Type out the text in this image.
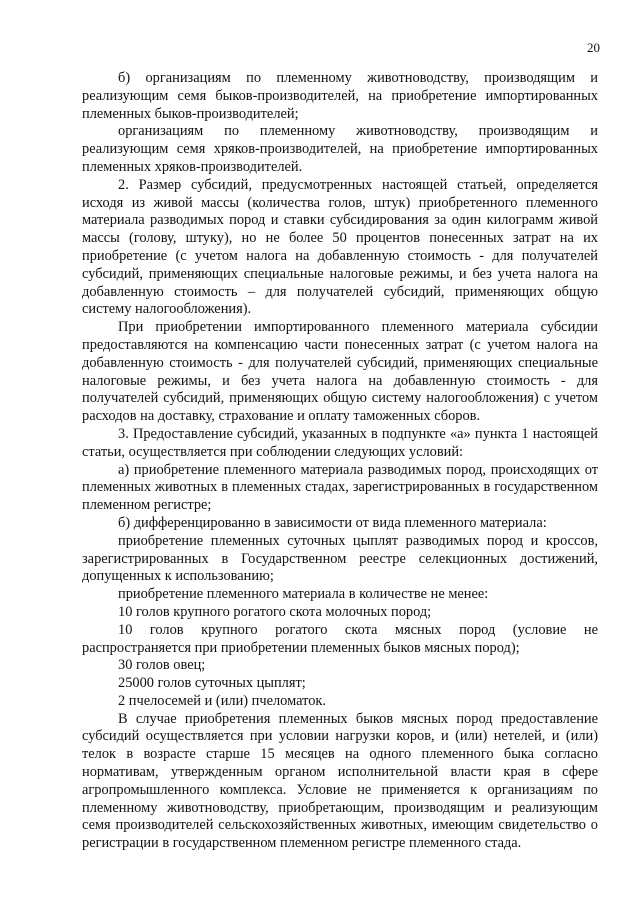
20

б) организациям по племенному животноводству, производящим и реализующим семя быков-производителей, на приобретение импортированных племенных быков-производителей;

организациям по племенному животноводству, производящим и реализующим семя хряков-производителей, на приобретение импортированных племенных хряков-производителей.

2. Размер субсидий, предусмотренных настоящей статьей, определяется исходя из живой массы (количества голов, штук) приобретенного племенного материала разводимых пород и ставки субсидирования за один килограмм живой массы (голову, штуку), но не более 50 процентов понесенных затрат на их приобретение (с учетом налога на добавленную стоимость - для получателей субсидий, применяющих специальные налоговые режимы, и без учета налога на добавленную стоимость – для получателей субсидий, применяющих общую систему налогообложения).

При приобретении импортированного племенного материала субсидии предоставляются на компенсацию части понесенных затрат (с учетом налога на добавленную стоимость - для получателей субсидий, применяющих специальные налоговые режимы, и без учета налога на добавленную стоимость - для получателей субсидий, применяющих общую систему налогообложения) с учетом расходов на доставку, страхование и оплату таможенных сборов.

3. Предоставление субсидий, указанных в подпункте «а» пункта 1 настоящей статьи, осуществляется при соблюдении следующих условий:

а) приобретение племенного материала разводимых пород, происходящих от племенных животных в племенных стадах, зарегистрированных в государственном племенном регистре;

б) дифференцированно в зависимости от вида племенного материала:

приобретение племенных суточных цыплят разводимых пород и кроссов, зарегистрированных в Государственном реестре селекционных достижений, допущенных к использованию;

приобретение племенного материала в количестве не менее:

10 голов крупного рогатого скота молочных пород;

10 голов крупного рогатого скота мясных пород (условие не распространяется при приобретении племенных быков мясных пород);

30 голов овец;

25000 голов суточных цыплят;

2 пчелосемей и (или) пчеломаток.

В случае приобретения племенных быков мясных пород предоставление субсидий осуществляется при условии нагрузки коров, и (или) нетелей, и (или) телок в возрасте старше 15 месяцев на одного племенного быка согласно нормативам, утвержденным органом исполнительной власти края в сфере агропромышленного комплекса. Условие не применяется к организациям по племенному животноводству, приобретающим, производящим и реализующим семя производителей сельскохозяйственных животных, имеющим свидетельство о регистрации в государственном племенном регистре племенного стада.
